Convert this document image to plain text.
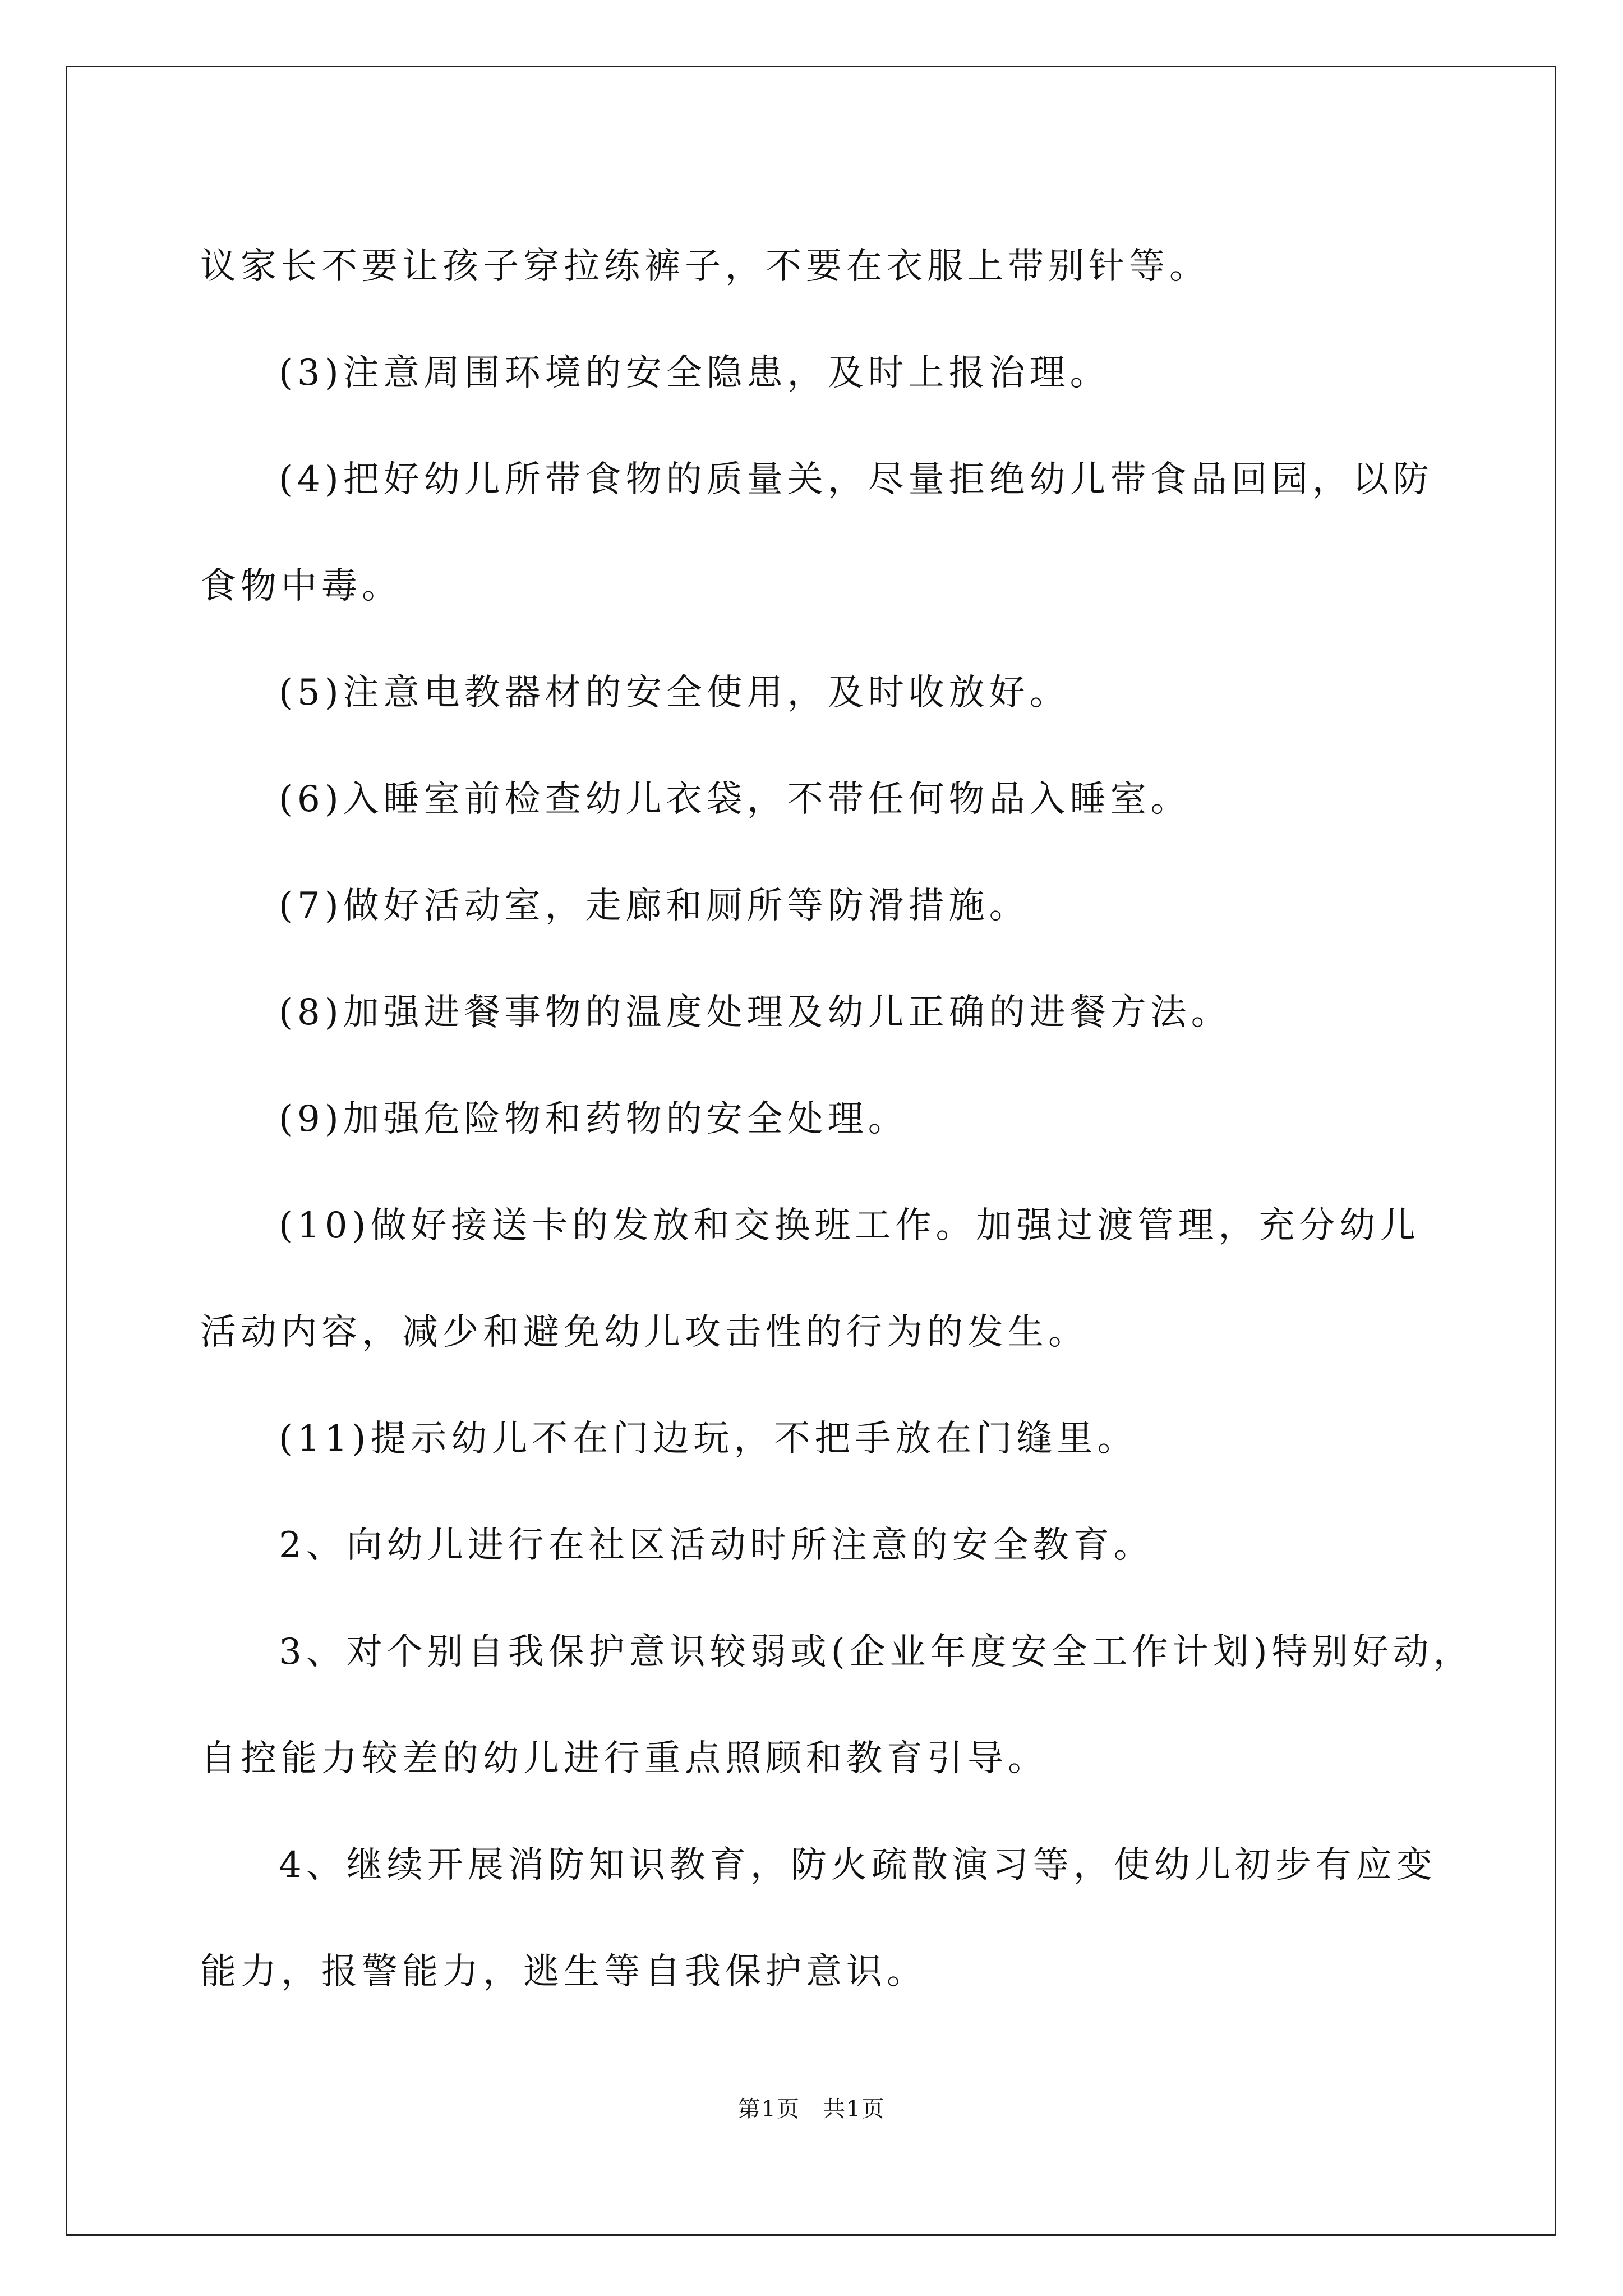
议家长不要让孩子穿拉练裤子，不要在衣服上带别针等。

(3)注意周围环境的安全隐患，及时上报治理。

(4)把好幼儿所带食物的质量关，尽量拒绝幼儿带食品回园，以防

食物中毒。

(5)注意电教器材的安全使用，及时收放好。

(6)入睡室前检查幼儿衣袋，不带任何物品入睡室。

(7)做好活动室，走廊和厕所等防滑措施。

(8)加强进餐事物的温度处理及幼儿正确的进餐方法。

(9)加强危险物和药物的安全处理。

(10)做好接送卡的发放和交换班工作。加强过渡管理，充分幼儿

活动内容，减少和避免幼儿攻击性的行为的发生。

(11)提示幼儿不在门边玩，不把手放在门缝里。

2、向幼儿进行在社区活动时所注意的安全教育。

3、对个别自我保护意识较弱或(企业年度安全工作计划)特别好动，

自控能力较差的幼儿进行重点照顾和教育引导。

4、继续开展消防知识教育，防火疏散演习等，使幼儿初步有应变

能力，报警能力，逃生等自我保护意识。

第1页 共1页
